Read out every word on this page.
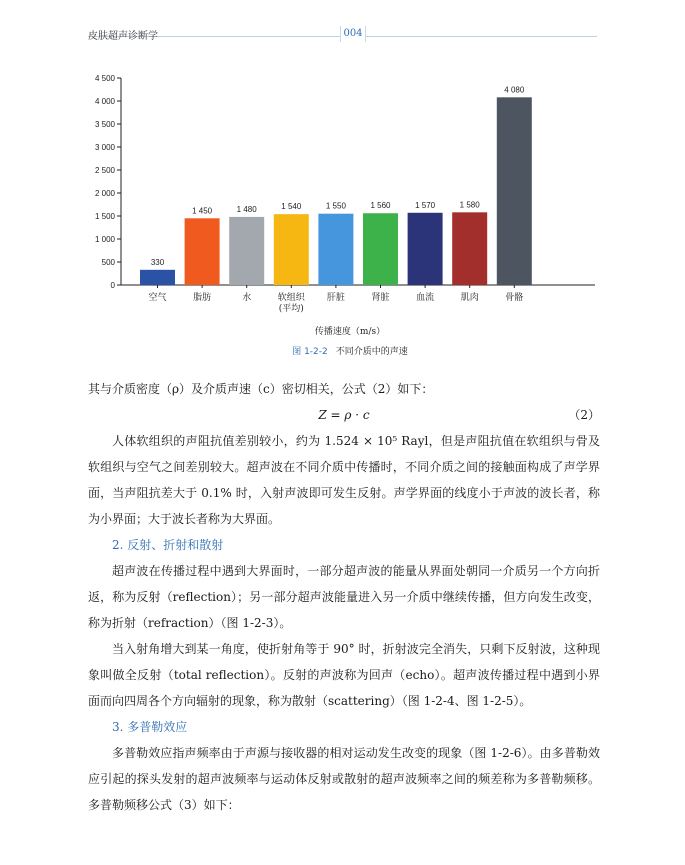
皮肤超声诊断学	004
0
500
1 000
1 500
2 000
2 500
3 000
3 500
4 000
4 500
330
空气
1 450
脂肪
1 480
水
1 540
软组织
(平均)
1 550
肝脏
1 560
肾脏
1 570
血流
1 580
肌肉
4 080
骨骼
传播速度（m/s）
图 1-2-2 不同介质中的声速

其与介质密度（ρ）及介质声速（c）密切相关，公式（2）如下：

Z = ρ · c	（2）

人体软组织的声阻抗值差别较小，约为 1.524 × 10⁵ Rayl，但是声阻抗值在软组织与骨及软组织与空气之间差别较大。超声波在不同介质中传播时，不同介质之间的接触面构成了声学界面，当声阻抗差大于 0.1% 时，入射声波即可发生反射。声学界面的线度小于声波的波长者，称为小界面；大于波长者称为大界面。

2. 反射、折射和散射

超声波在传播过程中遇到大界面时，一部分超声波的能量从界面处朝同一介质另一个方向折返，称为反射（reflection）；另一部分超声波能量进入另一介质中继续传播，但方向发生改变，称为折射（refraction）（图 1-2-3）。

当入射角增大到某一角度，使折射角等于 90° 时，折射波完全消失，只剩下反射波，这种现象叫做全反射（total reflection）。反射的声波称为回声（echo）。超声波传播过程中遇到小界面而向四周各个方向辐射的现象，称为散射（scattering）（图 1-2-4、图 1-2-5）。

3. 多普勒效应

多普勒效应指声频率由于声源与接收器的相对运动发生改变的现象（图 1-2-6）。由多普勒效应引起的探头发射的超声波频率与运动体反射或散射的超声波频率之间的频差称为多普勒频移。多普勒频移公式（3）如下：
